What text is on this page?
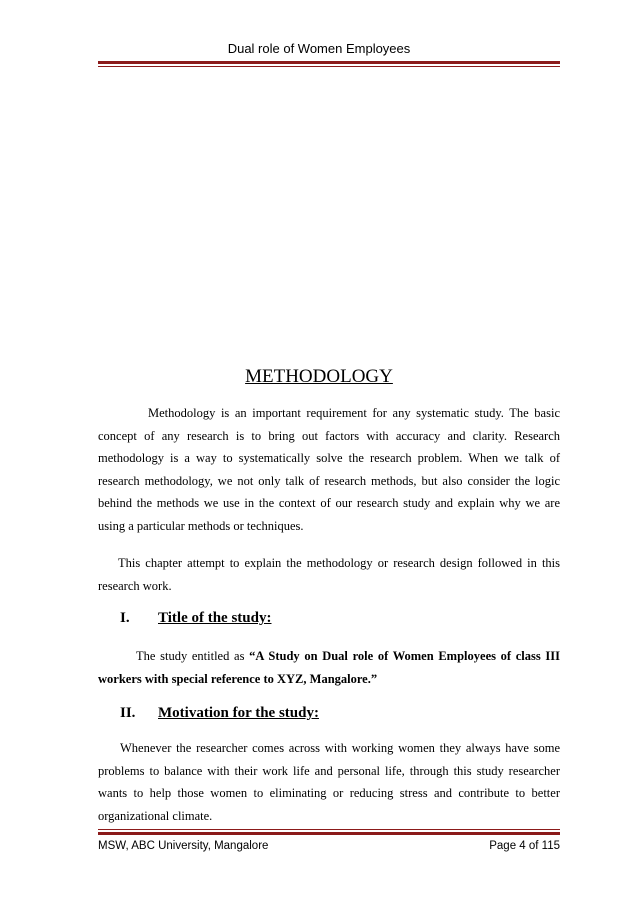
Dual role of Women Employees
METHODOLOGY

Methodology is an important requirement for any systematic study. The basic concept of any research is to bring out factors with accuracy and clarity. Research methodology is a way to systematically solve the research problem. When we talk of research methodology, we not only talk of research methods, but also consider the logic behind the methods we use in the context of our research study and explain why we are using a particular methods or techniques.

This chapter attempt to explain the methodology or research design followed in this research work.

I. Title of the study:

The study entitled as “A Study on Dual role of Women Employees of class III workers with special reference to XYZ, Mangalore.”

II. Motivation for the study:

Whenever the researcher comes across with working women they always have some problems to balance with their work life and personal life, through this study researcher wants to help those women to eliminating or reducing stress and contribute to better organizational climate.

MSW, ABC University, Mangalore	Page 4 of 115
